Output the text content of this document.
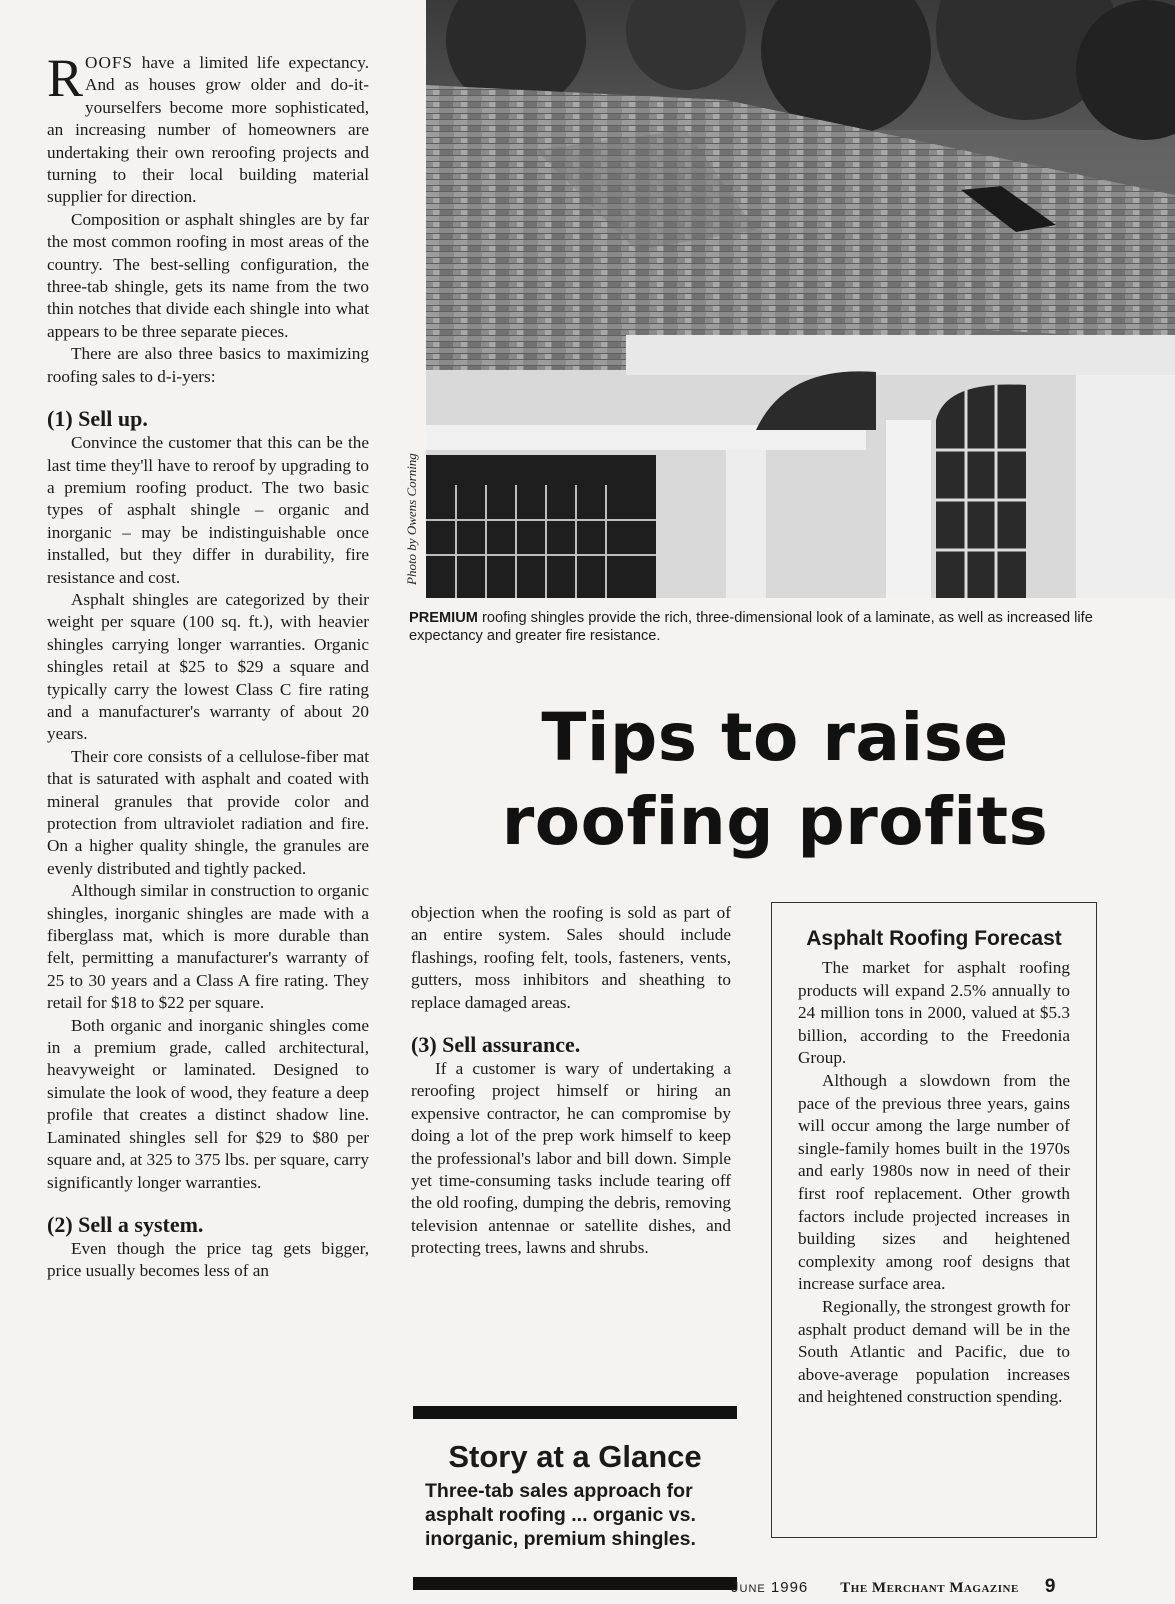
Photo by Owens Corning
PREMIUM roofing shingles provide the rich, three-dimensional look of a laminate, as well as increased life expectancy and greater fire resistance.
Tips to raise
roofing profits

ROOFS have a limited life expectancy. And as houses grow older and do-it-yourselfers become more sophisticated, an increasing number of homeowners are undertaking their own reroofing projects and turning to their local building material supplier for direction.

Composition or asphalt shingles are by far the most common roofing in most areas of the country. The best-selling configuration, the three-tab shingle, gets its name from the two thin notches that divide each shingle into what appears to be three separate pieces.

There are also three basics to maximizing roofing sales to d-i-yers:

(1) Sell up.

Convince the customer that this can be the last time they'll have to reroof by upgrading to a premium roofing product. The two basic types of asphalt shingle – organic and inorganic – may be indistinguishable once installed, but they differ in durability, fire resistance and cost.

Asphalt shingles are categorized by their weight per square (100 sq. ft.), with heavier shingles carrying longer warranties. Organic shingles retail at $25 to $29 a square and typically carry the lowest Class C fire rating and a manufacturer's warranty of about 20 years.

Their core consists of a cellulose-fiber mat that is saturated with asphalt and coated with mineral granules that provide color and protection from ultraviolet radiation and fire. On a higher quality shingle, the granules are evenly distributed and tightly packed.

Although similar in construction to organic shingles, inorganic shingles are made with a fiberglass mat, which is more durable than felt, permitting a manufacturer's warranty of 25 to 30 years and a Class A fire rating. They retail for $18 to $22 per square.

Both organic and inorganic shingles come in a premium grade, called architectural, heavyweight or laminated. Designed to simulate the look of wood, they feature a deep profile that creates a distinct shadow line. Laminated shingles sell for $29 to $80 per square and, at 325 to 375 lbs. per square, carry significantly longer warranties.

(2) Sell a system.

Even though the price tag gets bigger, price usually becomes less of an

objection when the roofing is sold as part of an entire system. Sales should include flashings, roofing felt, tools, fasteners, vents, gutters, moss inhibitors and sheathing to replace damaged areas.

(3) Sell assurance.

If a customer is wary of undertaking a reroofing project himself or hiring an expensive contractor, he can compromise by doing a lot of the prep work himself to keep the professional's labor and bill down. Simple yet time-consuming tasks include tearing off the old roofing, dumping the debris, removing television antennae or satellite dishes, and protecting trees, lawns and shrubs.

Asphalt Roofing Forecast

The market for asphalt roofing products will expand 2.5% annually to 24 million tons in 2000, valued at $5.3 billion, according to the Freedonia Group.

Although a slowdown from the pace of the previous three years, gains will occur among the large number of single-family homes built in the 1970s and early 1980s now in need of their first roof replacement. Other growth factors include projected increases in building sizes and heightened complexity among roof designs that increase surface area.

Regionally, the strongest growth for asphalt product demand will be in the South Atlantic and Pacific, due to above-average population increases and heightened construction spending.

Story at a Glance

Three-tab sales approach for asphalt roofing ... organic vs. inorganic, premium shingles.

June 1996 The Merchant Magazine 9
